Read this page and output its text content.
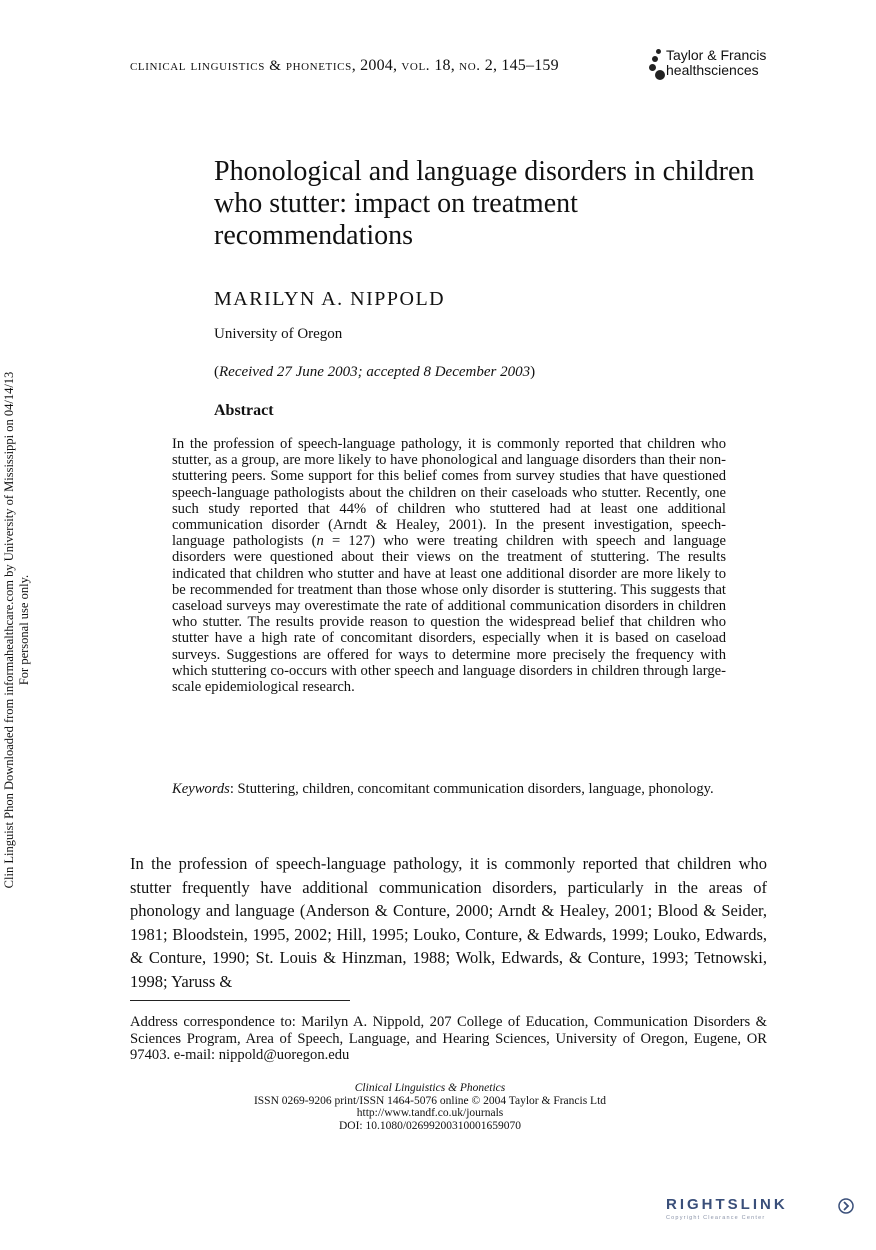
clinical linguistics & phonetics, 2004, vol. 18, no. 2, 145–159
Taylor & Francis
healthsciences
Phonological and language disorders in children who stutter: impact on treatment recommendations
MARILYN A. NIPPOLD
University of Oregon
(Received 27 June 2003; accepted 8 December 2003)
Abstract

In the profession of speech-language pathology, it is commonly reported that children who stutter, as a group, are more likely to have phonological and language disorders than their non-stuttering peers. Some support for this belief comes from survey studies that have questioned speech-language pathologists about the children on their caseloads who stutter. Recently, one such study reported that 44% of children who stuttered had at least one additional communication disorder (Arndt & Healey, 2001). In the present investigation, speech-language pathologists (n = 127) who were treating children with speech and language disorders were questioned about their views on the treatment of stuttering. The results indicated that children who stutter and have at least one additional disorder are more likely to be recommended for treatment than those whose only disorder is stuttering. This suggests that caseload surveys may overestimate the rate of additional communication disorders in children who stutter. The results provide reason to question the widespread belief that children who stutter have a high rate of concomitant disorders, especially when it is based on caseload surveys. Suggestions are offered for ways to determine more precisely the frequency with which stuttering co-occurs with other speech and language disorders in children through large-scale epidemiological research.

Keywords: Stuttering, children, concomitant communication disorders, language, phonology.

In the profession of speech-language pathology, it is commonly reported that children who stutter frequently have additional communication disorders, particularly in the areas of phonology and language (Anderson & Conture, 2000; Arndt & Healey, 2001; Blood & Seider, 1981; Bloodstein, 1995, 2002; Hill, 1995; Louko, Conture, & Edwards, 1999; Louko, Edwards, & Conture, 1990; St. Louis & Hinzman, 1988; Wolk, Edwards, & Conture, 1993; Tetnowski, 1998; Yaruss &

Address correspondence to: Marilyn A. Nippold, 207 College of Education, Communication Disorders & Sciences Program, Area of Speech, Language, and Hearing Sciences, University of Oregon, Eugene, OR 97403. e-mail: nippold@uoregon.edu

Clinical Linguistics & Phonetics
ISSN 0269-9206 print/ISSN 1464-5076 online © 2004 Taylor & Francis Ltd
http://www.tandf.co.uk/journals
DOI: 10.1080/02699200310001659070
Clin Linguist Phon Downloaded from informahealthcare.com by University of Mississippi on 04/14/13 For personal use only.
RIGHTSLINK
Copyright Clearance Center
